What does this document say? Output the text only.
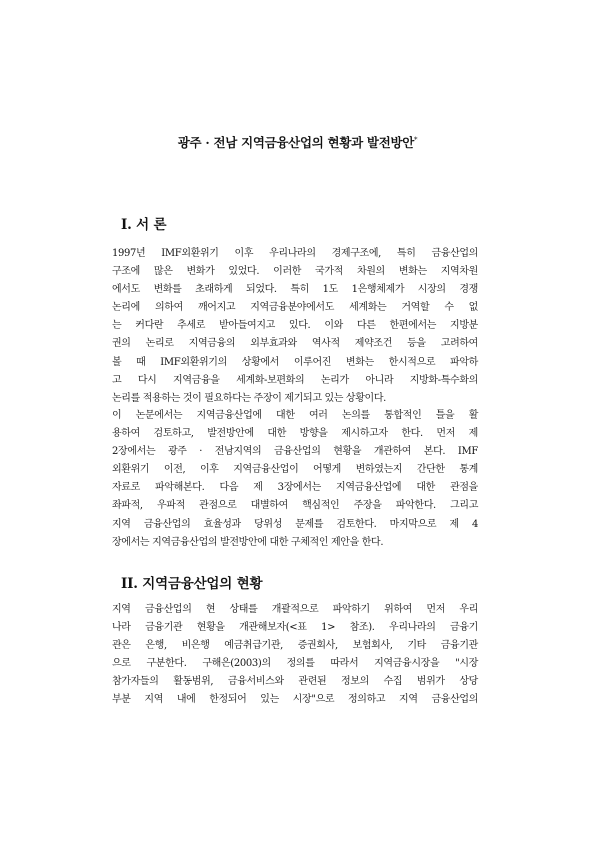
광주 · 전남 지역금융산업의 현황과 발전방안*
I. 서 론
1997년 IMF외환위기 이후 우리나라의 경제구조에, 특히 금융산업의
구조에 많은 변화가 있었다. 이러한 국가적 차원의 변화는 지역차원
에서도 변화를 초래하게 되었다. 특히 1도 1은행체제가 시장의 경쟁
논리에 의하여 깨어지고 지역금융분야에서도 세계화는 거역할 수 없
는 커다란 추세로 받아들여지고 있다. 이와 다른 한편에서는 지방분
권의 논리로 지역금융의 외부효과와 역사적 제약조건 등을 고려하여
볼 때 IMF외환위기의 상황에서 이루어진 변화는 한시적으로 파악하
고 다시 지역금융을 세계화-보편화의 논리가 아니라 지방화-특수화의
논리를 적용하는 것이 필요하다는 주장이 제기되고 있는 상황이다.
이 논문에서는 지역금융산업에 대한 여러 논의를 통합적인 틀을 활
용하여 검토하고, 발전방안에 대한 방향을 제시하고자 한다. 먼저 제
2장에서는 광주 · 전남지역의 금융산업의 현황을 개관하여 본다. IMF
외환위기 이전, 이후 지역금융산업이 어떻게 변하였는지 간단한 통계
자료로 파악해본다. 다음 제 3장에서는 지역금융산업에 대한 관점을
좌파적, 우파적 관점으로 대별하여 핵심적인 주장을 파악한다. 그리고
지역 금융산업의 효율성과 당위성 문제를 검토한다. 마지막으로 제 4
장에서는 지역금융산업의 발전방안에 대한 구체적인 제안을 한다.
II. 지역금융산업의 현황
지역 금융산업의 현 상태를 개괄적으로 파악하기 위하여 먼저 우리
나라 금융기관 현황을 개관해보자(<표 1> 참조). 우리나라의 금융기
관은 은행, 비은행 예금취급기관, 증권회사, 보험회사, 기타 금융기관
으로 구분한다. 구해은(2003)의 정의를 따라서 지역금융시장을 "시장
참가자들의 활동범위, 금융서비스와 관련된 정보의 수집 범위가 상당
부분 지역 내에 한정되어 있는 시장"으로 정의하고 지역 금융산업의
